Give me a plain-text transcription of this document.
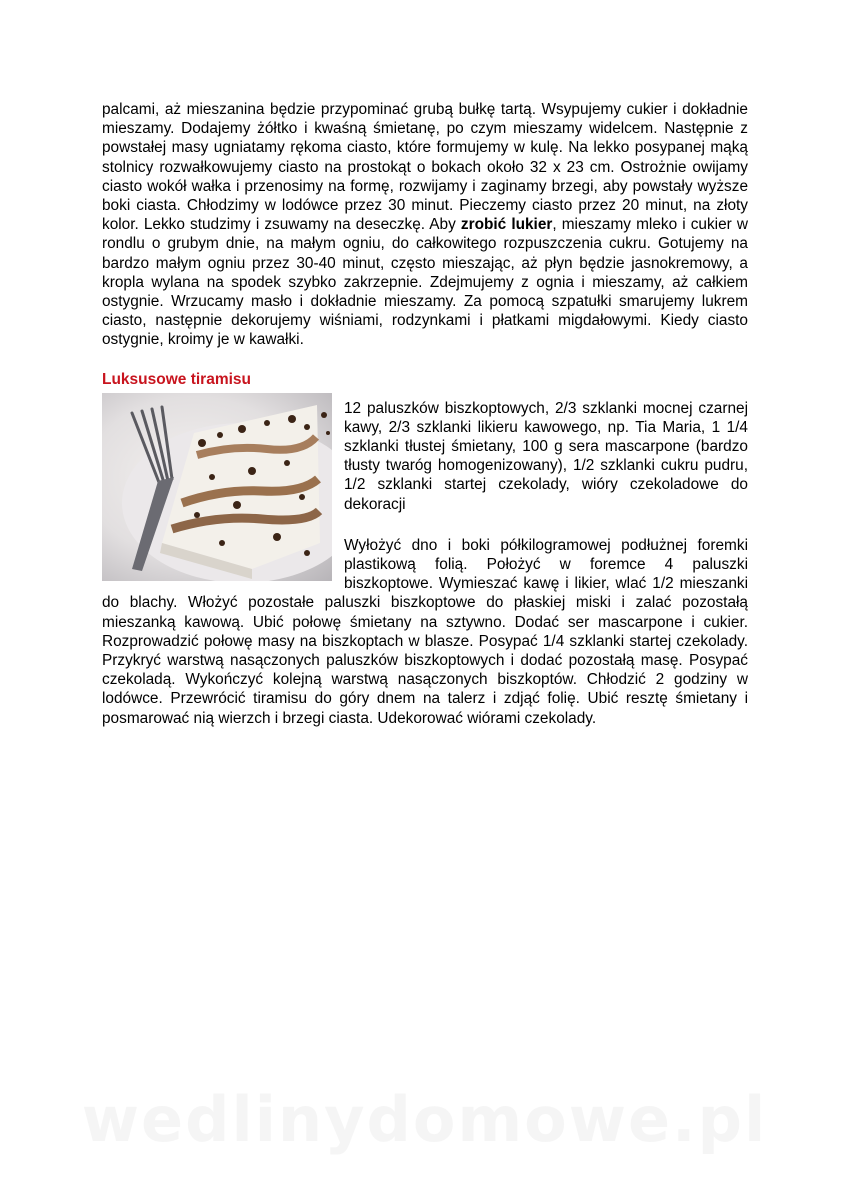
palcami, aż mieszanina będzie przypominać grubą bułkę tartą. Wsypujemy cukier i dokładnie mieszamy. Dodajemy żółtko i kwaśną śmietanę, po czym mieszamy widelcem. Następnie z powstałej masy ugniatamy rękoma ciasto, które formujemy w kulę. Na lekko posypanej mąką stolnicy rozwałkowujemy ciasto na prostokąt o bokach około 32 x 23 cm. Ostrożnie owijamy ciasto wokół wałka i przenosimy na formę, rozwijamy i zaginamy brzegi, aby powstały wyższe boki ciasta. Chłodzimy w lodówce przez 30 minut. Pieczemy ciasto przez 20 minut, na złoty kolor. Lekko studzimy i zsuwamy na deseczkę. Aby zrobić lukier, mieszamy mleko i cukier w rondlu o grubym dnie, na małym ogniu, do całkowitego rozpuszczenia cukru. Gotujemy na bardzo małym ogniu przez 30-40 minut, często mieszając, aż płyn będzie jasnokremowy, a kropla wylana na spodek szybko zakrzepnie. Zdejmujemy z ognia i mieszamy, aż całkiem ostygnie. Wrzucamy masło i dokładnie mieszamy. Za pomocą szpatułki smarujemy lukrem ciasto, następnie dekorujemy wiśniami, rodzynkami i płatkami migdałowymi. Kiedy ciasto ostygnie, kroimy je w kawałki.

Luksusowe tiramisu

12 paluszków biszkoptowych, 2/3 szklanki mocnej czarnej kawy, 2/3 szklanki likieru kawowego, np. Tia Maria, 1 1/4 szklanki tłustej śmietany, 100 g sera mascarpone (bardzo tłusty twaróg homogenizowany), 1/2 szklanki cukru pudru, 1/2 szklanki startej czekolady, wióry czekoladowe do dekoracji

Wyłożyć dno i boki półkilogramowej podłużnej foremki plastikową folią. Położyć w foremce 4 paluszki biszkoptowe. Wymieszać kawę i likier, wlać 1/2 mieszanki do blachy. Włożyć pozostałe paluszki biszkoptowe do płaskiej miski i zalać pozostałą mieszanką kawową. Ubić połowę śmietany na sztywno. Dodać ser mascarpone i cukier. Rozprowadzić połowę masy na biszkoptach w blasze. Posypać 1/4 szklanki startej czekolady. Przykryć warstwą nasączonych paluszków biszkoptowych i dodać pozostałą masę. Posypać czekoladą. Wykończyć kolejną warstwą nasączonych biszkoptów. Chłodzić 2 godziny w lodówce. Przewrócić tiramisu do góry dnem na talerz i zdjąć folię. Ubić resztę śmietany i posmarować nią wierzch i brzegi ciasta. Udekorować wiórami czekolady.

wedlinydomowe.pl
